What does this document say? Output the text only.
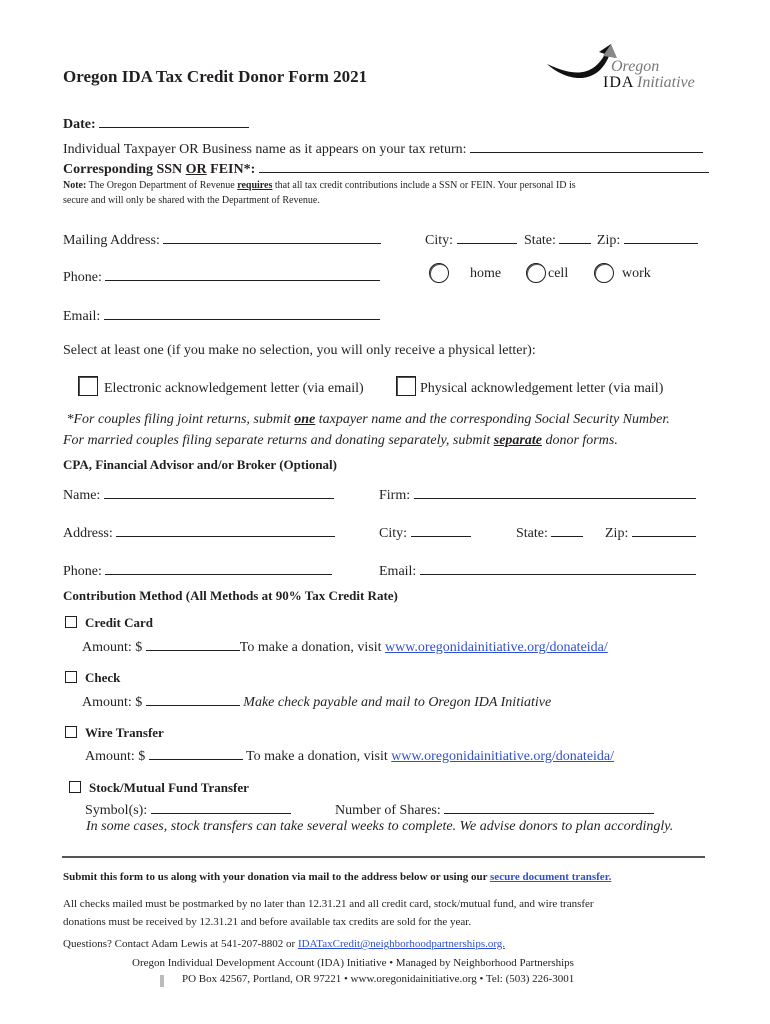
Oregon
IDA Initiative
Oregon IDA Tax Credit Donor Form 2021
Date:
Individual Taxpayer OR Business name as it appears on your tax return:
Corresponding SSN OR FEIN*:
Note: The Oregon Department of Revenue requires that all tax credit contributions include a SSN or FEIN. Your personal ID is
secure and will only be shared with the Department of Revenue.
Mailing Address:	City:	State:	Zip:
Phone:	home	cell	work
Email:
Select at least one (if you make no selection, you will only receive a physical letter):
Electronic acknowledgement letter (via email)	Physical acknowledgement letter (via mail)
*For couples filing joint returns, submit one taxpayer name and the corresponding Social Security Number.
For married couples filing separate returns and donating separately, submit separate donor forms.
CPA, Financial Advisor and/or Broker (Optional)
Name:	Firm:
Address:	City:	State:	Zip:
Phone:	Email:
Contribution Method (All Methods at 90% Tax Credit Rate)
Credit Card
Amount: $	To make a donation, visit www.oregonidainitiative.org/donateida/
Check
Amount: $	Make check payable and mail to Oregon IDA Initiative
Wire Transfer
Amount: $	To make a donation, visit www.oregonidainitiative.org/donateida/
Stock/Mutual Fund Transfer
Symbol(s):	Number of Shares:
In some cases, stock transfers can take several weeks to complete. We advise donors to plan accordingly.
Submit this form to us along with your donation via mail to the address below or using our secure document transfer.
All checks mailed must be postmarked by no later than 12.31.21 and all credit card, stock/mutual fund, and wire transfer
donations must be received by 12.31.21 and before available tax credits are sold for the year.
Questions? Contact Adam Lewis at 541-207-8802 or IDATaxCredit@neighborhoodpartnerships.org.
Oregon Individual Development Account (IDA) Initiative • Managed by Neighborhood Partnerships
PO Box 42567, Portland, OR 97221 • www.oregonidainitiative.org • Tel: (503) 226-3001
